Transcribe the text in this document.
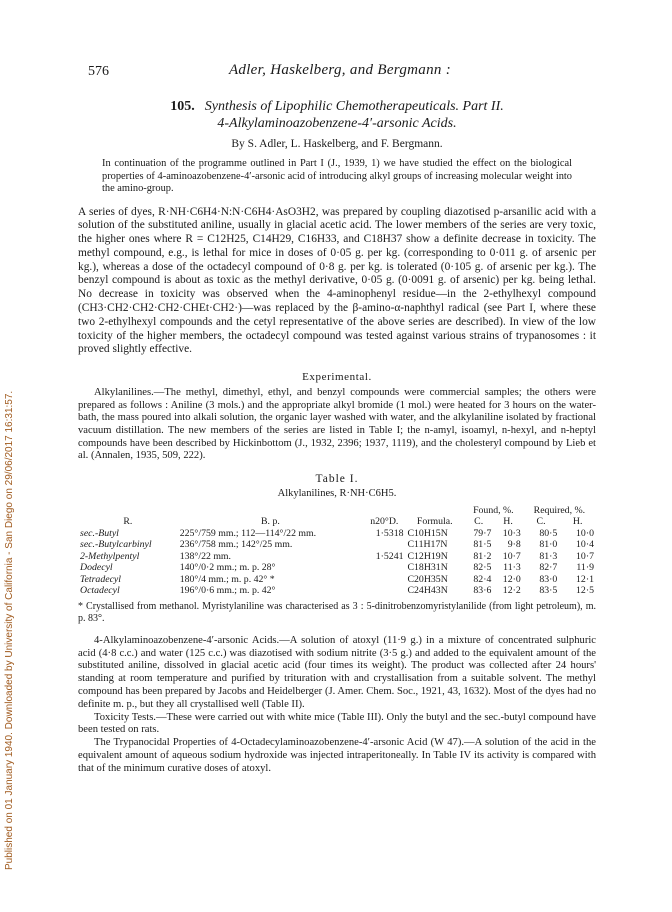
Published on 01 January 1940. Downloaded by University of California - San Diego on 29/06/2017 16:31:57.
576	Adler, Haskelberg, and Bergmann :

105. Synthesis of Lipophilic Chemotherapeuticals. Part II.
4-Alkylaminoazobenzene-4′-arsonic Acids.

By S. Adler, L. Haskelberg, and F. Bergmann.

In continuation of the programme outlined in Part I (J., 1939, 1) we have studied the effect on the biological properties of 4-aminoazobenzene-4′-arsonic acid of introducing alkyl groups of increasing molecular weight into the amino-group.

A series of dyes, R·NH·C6H4·N:N·C6H4·AsO3H2, was prepared by coupling diazotised p-arsanilic acid with a solution of the substituted aniline, usually in glacial acetic acid. The lower members of the series are very toxic, the higher ones where R = C12H25, C14H29, C16H33, and C18H37 show a definite decrease in toxicity. The methyl compound, e.g., is lethal for mice in doses of 0·05 g. per kg. (corresponding to 0·011 g. of arsenic per kg.), whereas a dose of the octadecyl compound of 0·8 g. per kg. is tolerated (0·105 g. of arsenic per kg.). The benzyl compound is about as toxic as the methyl derivative, 0·05 g. (0·0091 g. of arsenic) per kg. being lethal. No decrease in toxicity was observed when the 4-aminophenyl residue—in the 2-ethylhexyl compound (CH3·CH2·CH2·CH2·CHEt·CH2·)—was replaced by the β-amino-α-naphthyl radical (see Part I, where these two 2-ethylhexyl compounds and the cetyl representative of the above series are described). In view of the low toxicity of the higher members, the octadecyl compound was tested against various strains of trypanosomes : it proved slightly effective.

Experimental.

Alkylanilines.—The methyl, dimethyl, ethyl, and benzyl compounds were commercial samples; the others were prepared as follows : Aniline (3 mols.) and the appropriate alkyl bromide (1 mol.) were heated for 3 hours on the water-bath, the mass poured into alkali solution, the organic layer washed with water, and the alkylaniline isolated by fractional vacuum distillation. The new members of the series are listed in Table I; the n-amyl, isoamyl, n-hexyl, and n-heptyl compounds have been described by Hickinbottom (J., 1932, 2396; 1937, 1119), and the cholesteryl compound by Lieb et al. (Annalen, 1935, 509, 222).

Table I.
Alkylanilines, R·NH·C6H5.
				Found, %.		Required, %.	
R.	B. p.	n20°D.	Formula.	C.	H.	C.	H.
sec.-Butyl	225°/759 mm.; 112—114°/22 mm.	1·5318	C10H15N	79·7	10·3	80·5	10·0
sec.-Butylcarbinyl	236°/758 mm.; 142°/25 mm.		C11H17N	81·5	9·8	81·0	10·4
2-Methylpentyl	138°/22 mm.	1·5241	C12H19N	81·2	10·7	81·3	10·7
Dodecyl	140°/0·2 mm.; m. p. 28°		C18H31N	82·5	11·3	82·7	11·9
Tetradecyl	180°/4 mm.; m. p. 42° *		C20H35N	82·4	12·0	83·0	12·1
Octadecyl	196°/0·6 mm.; m. p. 42°		C24H43N	83·6	12·2	83·5	12·5

* Crystallised from methanol. Myristylaniline was characterised as 3 : 5-dinitrobenzomyristylanilide (from light petroleum), m. p. 83°.

4-Alkylaminoazobenzene-4′-arsonic Acids.—A solution of atoxyl (11·9 g.) in a mixture of concentrated sulphuric acid (4·8 c.c.) and water (125 c.c.) was diazotised with sodium nitrite (3·5 g.) and added to the equivalent amount of the substituted aniline, dissolved in glacial acetic acid (four times its weight). The product was collected after 24 hours' standing at room temperature and purified by trituration with and crystallisation from a suitable solvent. The methyl compound has been prepared by Jacobs and Heidelberger (J. Amer. Chem. Soc., 1921, 43, 1632). Most of the dyes had no definite m. p., but they all crystallised well (Table II).

Toxicity Tests.—These were carried out with white mice (Table III). Only the butyl and the sec.-butyl compound have been tested on rats.

The Trypanocidal Properties of 4-Octadecylaminoazobenzene-4′-arsonic Acid (W 47).—A solution of the acid in the equivalent amount of aqueous sodium hydroxide was injected intraperitoneally. In Table IV its activity is compared with that of the minimum curative doses of atoxyl.
